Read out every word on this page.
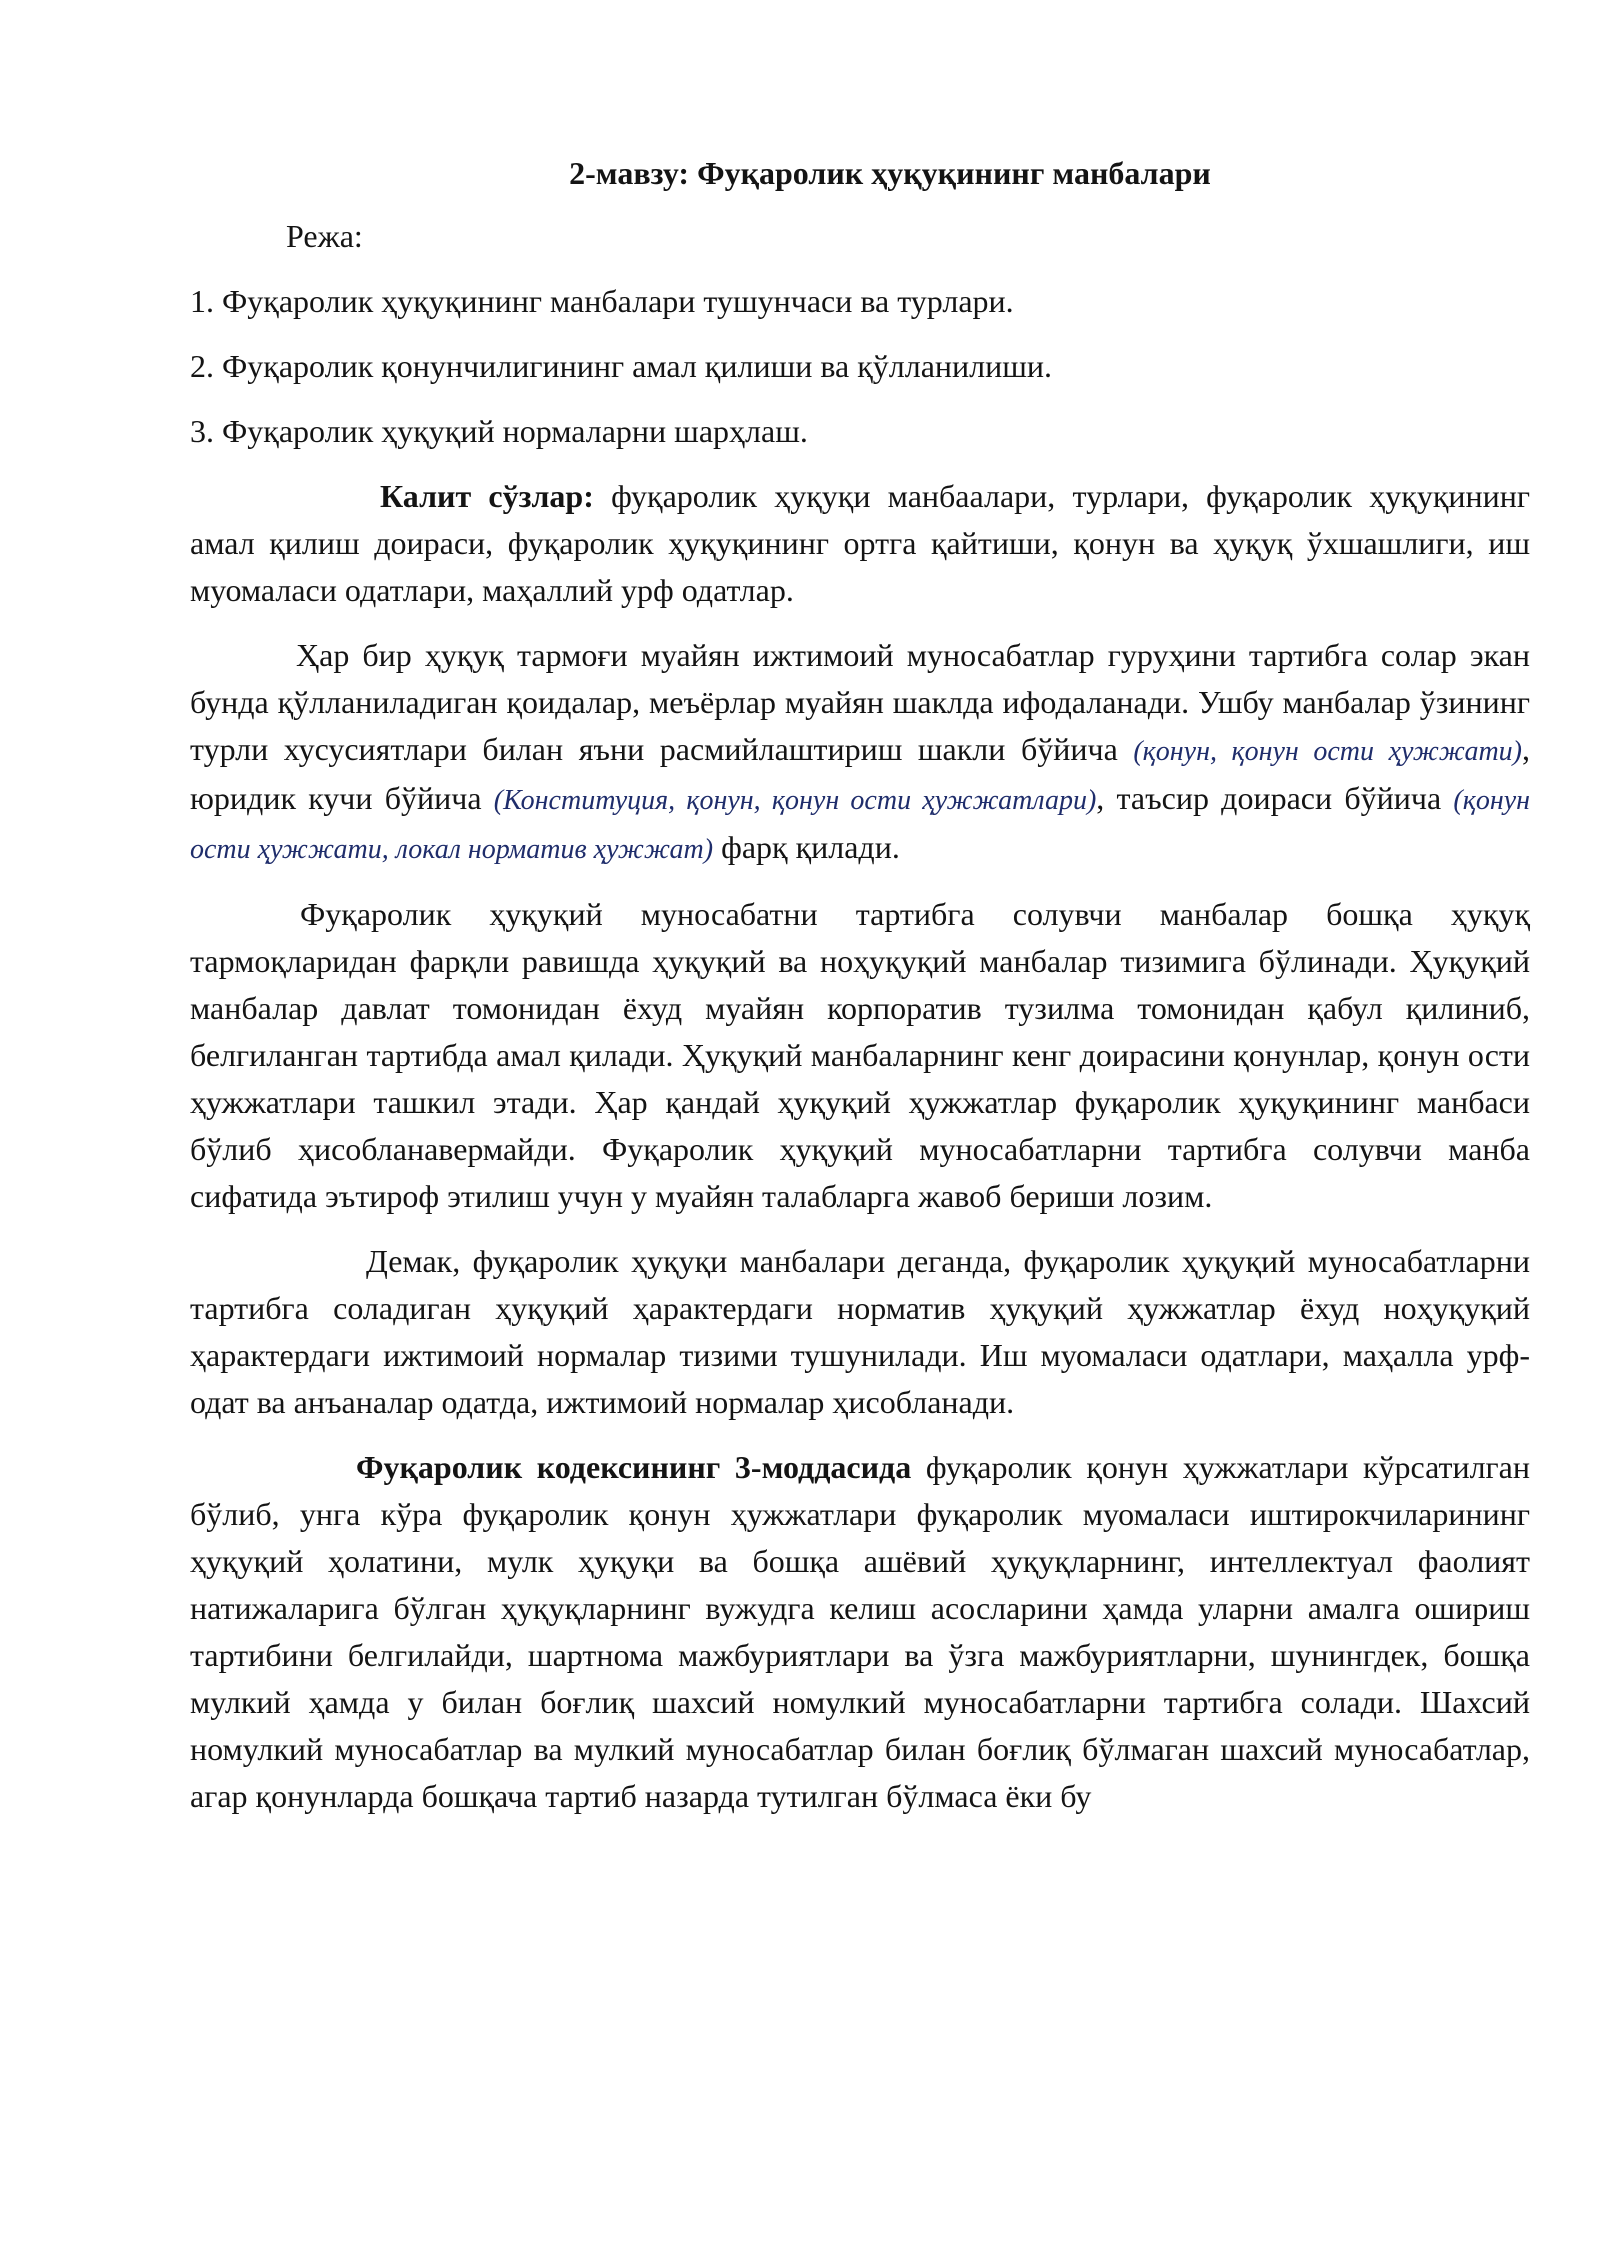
2-мавзу: Фуқаролик ҳуқуқининг манбалари
Режа:
1. Фуқаролик ҳуқуқининг манбалари тушунчаси ва турлари.
2. Фуқаролик қонунчилигининг амал қилиши ва қўлланилиши.
3. Фуқаролик ҳуқуқий нормаларни шарҳлаш.

Калит сўзлар: фуқаролик ҳуқуқи манбаалари, турлари, фуқаролик ҳуқуқининг амал қилиш доираси, фуқаролик ҳуқуқининг ортга қайтиши, қонун ва ҳуқуқ ўхшашлиги, иш муомаласи одатлари, маҳаллий урф одатлар.

Ҳар бир ҳуқуқ тармоғи муайян ижтимоий муносабатлар гуруҳини тартибга солар экан бунда қўлланиладиган қоидалар, меъёрлар муайян шаклда ифодаланади. Ушбу манбалар ўзининг турли хусусиятлари билан яъни расмийлаштириш шакли бўйича (қонун, қонун ости ҳужжати), юридик кучи бўйича (Конституция, қонун, қонун ости ҳужжатлари), таъсир доираси бўйича (қонун ости ҳужжати, локал норматив ҳужжат) фарқ қилади.

Фуқаролик ҳуқуқий муносабатни тартибга солувчи манбалар бошқа ҳуқуқ тармоқларидан фарқли равишда ҳуқуқий ва ноҳуқуқий манбалар тизимига бўлинади. Ҳуқуқий манбалар давлат томонидан ёхуд муайян корпоратив тузилма томонидан қабул қилиниб, белгиланган тартибда амал қилади. Ҳуқуқий манбаларнинг кенг доирасини қонунлар, қонун ости ҳужжатлари ташкил этади. Ҳар қандай ҳуқуқий ҳужжатлар фуқаролик ҳуқуқининг манбаси бўлиб ҳисобланавермайди. Фуқаролик ҳуқуқий муносабатларни тартибга солувчи манба сифатида эътироф этилиш учун у муайян талабларга жавоб бериши лозим.

Демак, фуқаролик ҳуқуқи манбалари деганда, фуқаролик ҳуқуқий муносабатларни тартибга соладиган ҳуқуқий ҳарактердаги норматив ҳуқуқий ҳужжатлар ёхуд ноҳуқуқий ҳарактердаги ижтимоий нормалар тизими тушунилади. Иш муомаласи одатлари, маҳалла урф-одат ва анъаналар одатда, ижтимоий нормалар ҳисобланади.

Фуқаролик кодексининг 3-моддасида фуқаролик қонун ҳужжатлари кўрсатилган бўлиб, унга кўра фуқаролик қонун ҳужжатлари фуқаролик муомаласи иштирокчиларининг ҳуқуқий ҳолатини, мулк ҳуқуқи ва бошқа ашёвий ҳуқуқларнинг, интеллектуал фаолият натижаларига бўлган ҳуқуқларнинг вужудга келиш асосларини ҳамда уларни амалга ошириш тартибини белгилайди, шартнома мажбуриятлари ва ўзга мажбуриятларни, шунингдек, бошқа мулкий ҳамда у билан боғлиқ шахсий номулкий муносабатларни тартибга солади. Шахсий номулкий муносабатлар ва мулкий муносабатлар билан боғлиқ бўлмаган шахсий муносабатлар, агар қонунларда бошқача тартиб назарда тутилган бўлмаса ёки бу
